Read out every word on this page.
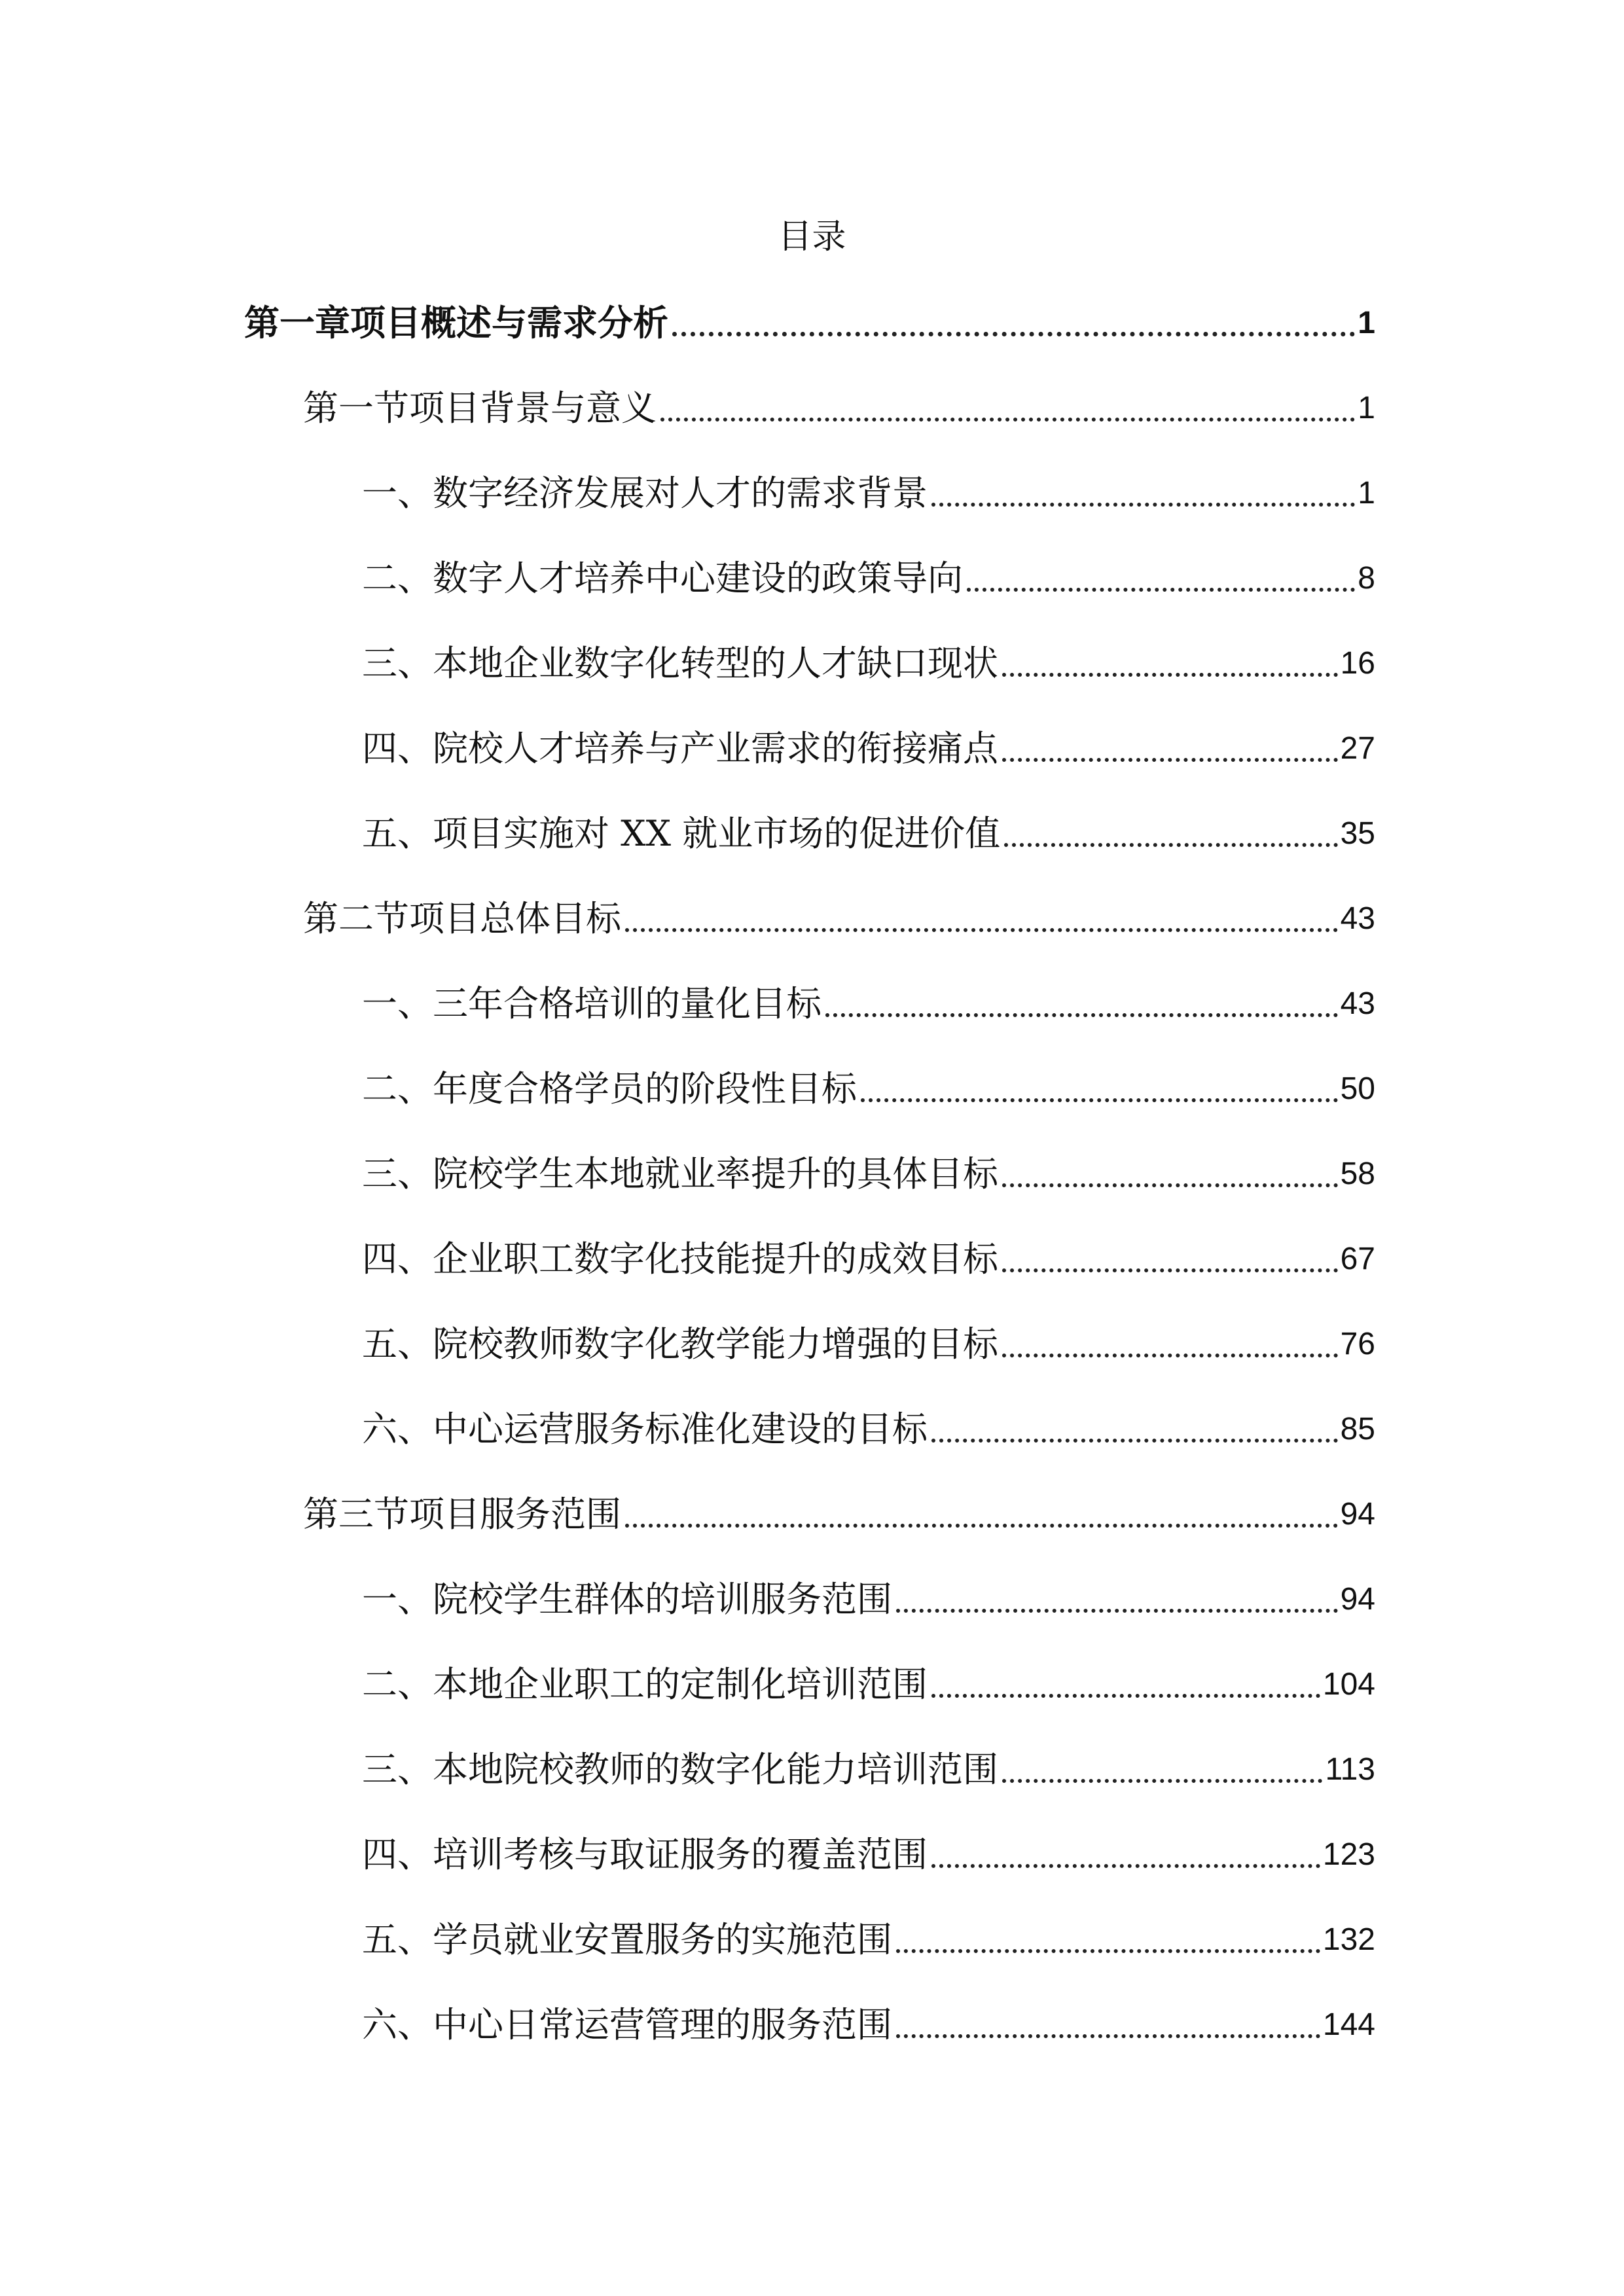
目录
第一章项目概述与需求分析	1
第一节项目背景与意义	1
一、数字经济发展对人才的需求背景	1
二、数字人才培养中心建设的政策导向	8
三、本地企业数字化转型的人才缺口现状	16
四、院校人才培养与产业需求的衔接痛点	27
五、项目实施对 XX 就业市场的促进价值	35
第二节项目总体目标	43
一、三年合格培训的量化目标	43
二、年度合格学员的阶段性目标	50
三、院校学生本地就业率提升的具体目标	58
四、企业职工数字化技能提升的成效目标	67
五、院校教师数字化教学能力增强的目标	76
六、中心运营服务标准化建设的目标	85
第三节项目服务范围	94
一、院校学生群体的培训服务范围	94
二、本地企业职工的定制化培训范围	104
三、本地院校教师的数字化能力培训范围	113
四、培训考核与取证服务的覆盖范围	123
五、学员就业安置服务的实施范围	132
六、中心日常运营管理的服务范围	144
